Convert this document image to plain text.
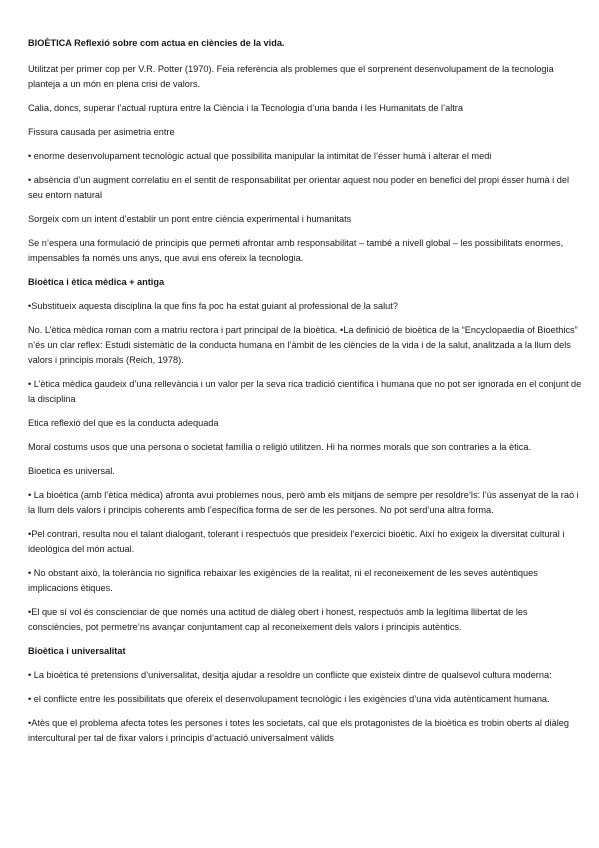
BIOÈTICA Reflexió sobre com actua en ciències de la vida.

Utilitzat per primer cop per V.R. Potter (1970). Feia referència als problemes que el sorprenent desenvolupament de la tecnologia planteja a un món en plena crisi de valors.

Calia, doncs, superar l’actual ruptura entre la Ciència i la Tecnologia d’una banda i les Humanitats de l’altra

Fissura causada per asimetria entre

• enorme desenvolupament tecnològic actual que possibilita manipular la intimitat de l’ésser humà i alterar el medi

• absència d’un augment correlatiu en el sentit de responsabilitat per orientar aquest nou poder en benefici del propi ésser humà i del seu entorn natural

Sorgeix com un intent d’establir un pont entre ciència experimental i humanitats

Se n’espera una formulació de principis que permeti afrontar amb responsabilitat – també a nivell global – les possibilitats enormes, impensables fa només uns anys, que avui ens ofereix la tecnologia.

Bioètica i ètica mèdica + antiga

•Substitueix aquesta disciplina la que fins fa poc ha estat guiant al professional de la salut?

No. L’ètica mèdica roman com a matriu rectora i part principal de la bioètica. •La definició de bioètica de la “Encyclopaedia of Bioethics” n’és un clar reflex: Estudi sistemàtic de la conducta humana en l’àmbit de les ciències de la vida i de la salut, analitzada a la llum dels valors i principis morals (Reich, 1978).

• L’ètica mèdica gaudeix d’una rellevància i un valor per la seva rica tradició científica i humana que no pot ser ignorada en el conjunt de la disciplina

Etica reflexió del que es la conducta adequada

Moral costums usos que una persona o societat família o religió utilitzen. Hi ha normes morals que son contraries a la ètica.

Bioetica es universal.

• La bioètica (amb l’ètica mèdica) afronta avui problemes nous, però amb els mitjans de sempre per resoldre’ls: l’ús assenyat de la raó i la llum dels valors i principis coherents amb l’específica forma de ser de les persones. No pot serd’una altra forma.

•Pel contrari, resulta nou el talant dialogant, tolerant i respectuós que presideix l’exercici bioètic. Així ho exigeix la diversitat cultural i ideològica del món actual.

• No obstant això, la tolerància no significa rebaixar les exigències de la realitat, ni el reconeixement de les seves autèntiques implicacions ètiques.

•El que sí vol és conscienciar de que només una actitud de diàleg obert i honest, respectuós amb la legítima llibertat de les consciències, pot permetre’ns avançar conjuntament cap al reconeixement dels valors i principis autèntics.

Bioètica i universalitat

• La bioètica té pretensions d’universalitat, desitja ajudar a resoldre un conflicte que existeix dintre de qualsevol cultura moderna:

• el conflicte entre les possibilitats que ofereix el desenvolupament tecnològic i les exigències d’una vida autènticament humana.

•Atès que el problema afecta totes les persones i totes les societats, cal que els protagonistes de la bioètica es trobin oberts al diàleg intercultural per tal de fixar valors i principis d’actuació universalment vàlids
